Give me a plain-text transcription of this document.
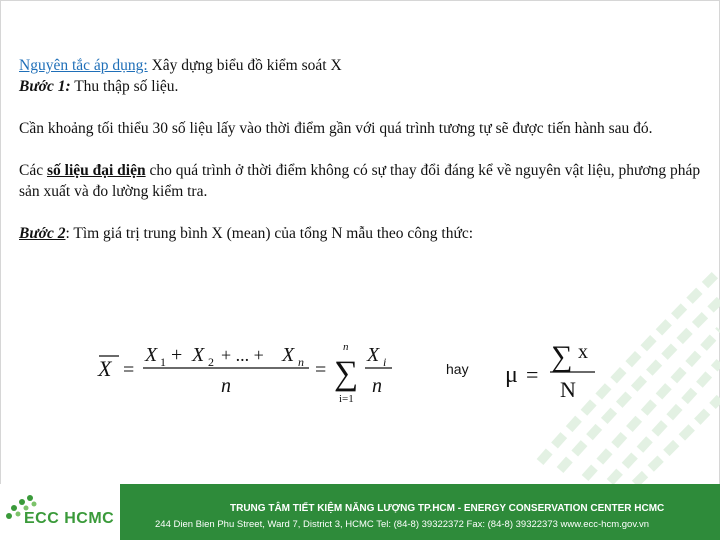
Nguyên tắc áp dụng: Xây dựng biểu đồ kiểm soát X

Bước 1: Thu thập số liệu.

Cần khoảng tối thiểu 30 số liệu lấy vào thời điểm gần với quá trình tương tự sẽ được tiến hành sau đó.

Các số liệu đại diện cho quá trình ở thời điểm không có sự thay đổi đáng kể về nguyên vật liệu, phương pháp sản xuất và đo lường kiểm tra.

Bước 2: Tìm giá trị trung bình X (mean) của tổng N mẫu theo công thức:

X =
X 1 + X 2 + ... + X n
n
=
n
∑
i=1
X i
n	μ =
∑ x
N
hay
ECC HCMC
TRUNG TÂM TIẾT KIỆM NĂNG LƯỢNG TP.HCM - ENERGY CONSERVATION CENTER HCMC
244 Dien Bien Phu Street, Ward 7, District 3, HCMC Tel: (84-8) 39322372 Fax: (84-8) 39322373 www.ecc-hcm.gov.vn
